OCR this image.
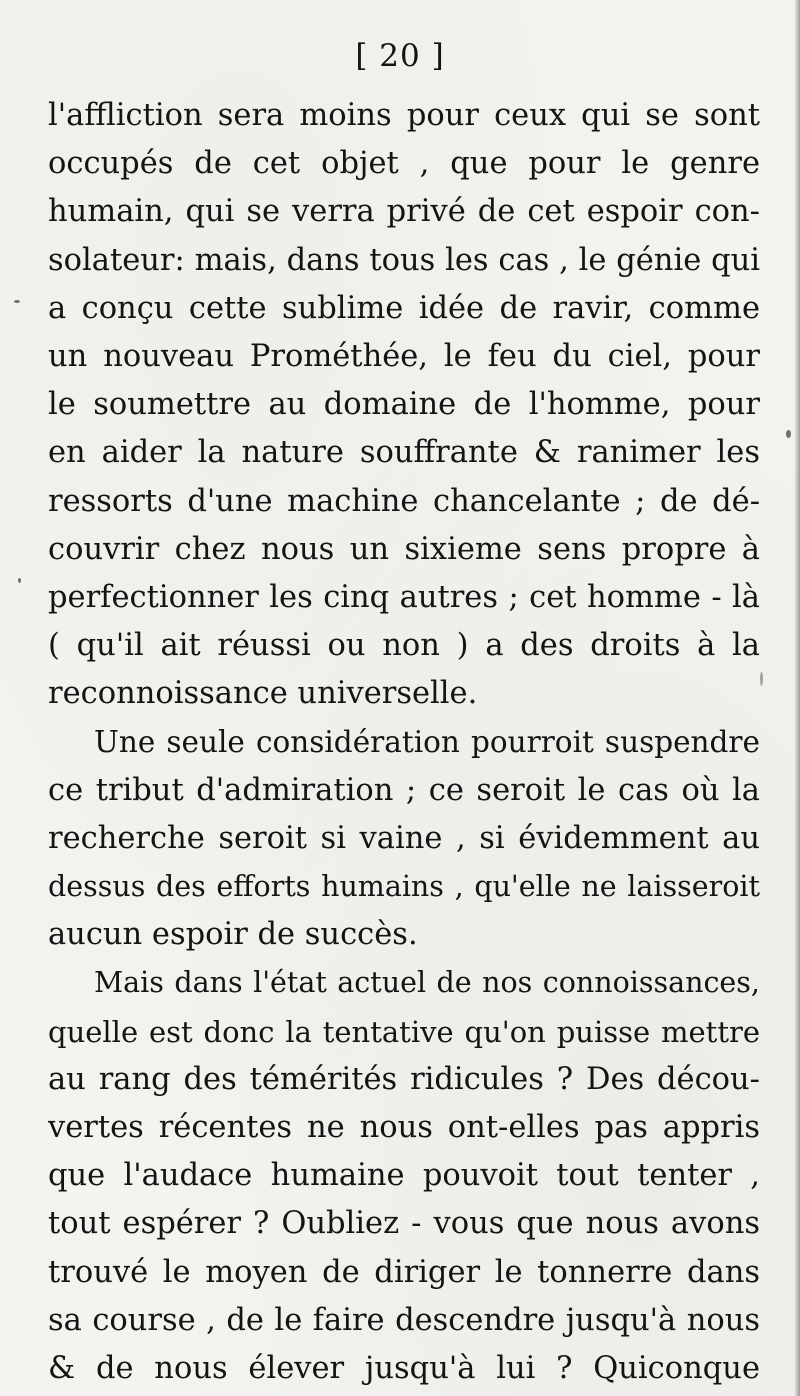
[ 20 ]
l'affliction sera moins pour ceux qui se sont
occupés de cet objet , que pour le genre
humain, qui se verra privé de cet espoir con-
solateur: mais, dans tous les cas , le génie qui
a conçu cette sublime idée de ravir, comme
un nouveau Prométhée, le feu du ciel, pour
le soumettre au domaine de l'homme, pour
en aider la nature souffrante & ranimer les
ressorts d'une machine chancelante ; de dé-
couvrir chez nous un sixieme sens propre à
perfectionner les cinq autres ; cet homme - là
( qu'il ait réussi ou non ) a des droits à la
reconnoissance universelle.
Une seule considération pourroit suspendre
ce tribut d'admiration ; ce seroit le cas où la
recherche seroit si vaine , si évidemment au
dessus des efforts humains , qu'elle ne laisseroit
aucun espoir de succès.
Mais dans l'état actuel de nos connoissances,
quelle est donc la tentative qu'on puisse mettre
au rang des témérités ridicules ? Des décou-
vertes récentes ne nous ont-elles pas appris
que l'audace humaine pouvoit tout tenter ,
tout espérer ? Oubliez - vous que nous avons
trouvé le moyen de diriger le tonnerre dans
sa course , de le faire descendre jusqu'à nous
& de nous élever jusqu'à lui ? Quiconque
